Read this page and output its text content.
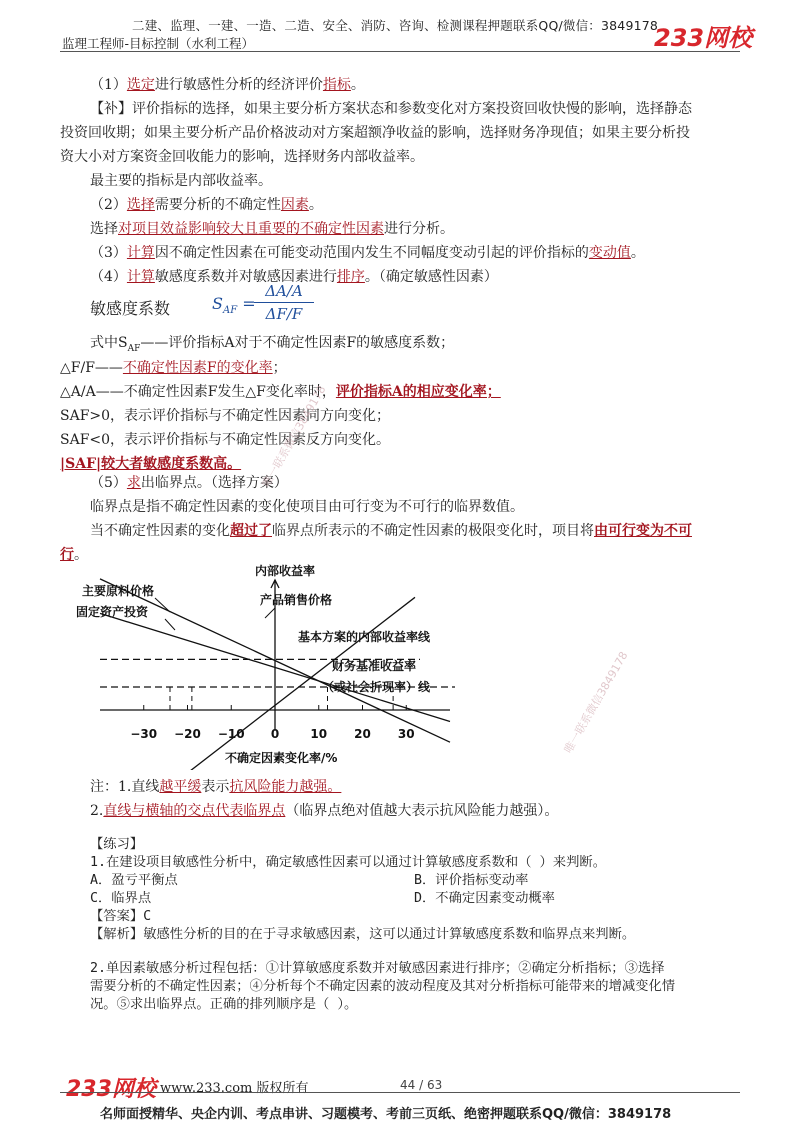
二建、监理、一建、一造、二造、安全、消防、咨询、检测课程押题联系QQ/微信：3849178
监理工程师-目标控制（水利工程）	233网校
（1）选定进行敏感性分析的经济评价指标。
【补】评价指标的选择，如果主要分析方案状态和参数变化对方案投资回收快慢的影响，选择静态
投资回收期；如果主要分析产品价格波动对方案超额净收益的影响，选择财务净现值；如果主要分析投
资大小对方案资金回收能力的影响，选择财务内部收益率。
最主要的指标是内部收益率。
（2）选择需要分析的不确定性因素。
选择对项目效益影响较大且重要的不确定性因素进行分析。
（3）计算因不确定性因素在可能变动范围内发生不同幅度变动引起的评价指标的变动值。
（4）计算敏感度系数并对敏感因素进行排序。（确定敏感性因素）
敏感度系数	$S_{AF}$ =
ΔA/A
ΔF/F
式中$S_{AF}——$评价指标A对于不确定性因素F的敏感度系数；
△F/F——不确定性因素F的变化率；
△A/A——不确定性因素F发生△F变化率时，评价指标A的相应变化率；
SAF>0，表示评价指标与不确定性因素同方向变化；
SAF<0，表示评价指标与不确定性因素反方向变化。
|SAF|较大者敏感度系数高。
（5）求出临界点。（选择方案）
临界点是指不确定性因素的变化使项目由可行变为不可行的临界数值。
当不确定性因素的变化超过了临界点所表示的不确定性因素的极限变化时，项目将由可行变为不可
行。
−30 −20 −10 0	10 20 30
内部收益率
不确定因素变化率/%
主要原料价格
固定资产投资
产品销售价格
基本方案的内部收益率线
财务基准收益率
（或社会折现率）线
注：1.直线越平缓表示抗风险能力越强。
2.直线与横轴的交点代表临界点（临界点绝对值越大表示抗风险能力越强）。
【练习】
1.在建设项目敏感性分析中，确定敏感性因素可以通过计算敏感度系数和（ ）来判断。
A．盈亏平衡点	B．评价指标变动率
C．临界点	D．不确定因素变动概率
【答案】C
【解析】敏感性分析的目的在于寻求敏感因素，这可以通过计算敏感度系数和临界点来判断。
2.单因素敏感分析过程包括：①计算敏感度系数并对敏感因素进行排序；②确定分析指标；③选择
需要分析的不确定性因素；④分析每个不确定因素的波动程度及其对分析指标可能带来的增减变化情
况。⑤求出临界点。正确的排列顺序是（ ）。
唯一联系微信3849178
唯一联系微信3849178
233网校 www.233.com 版权所有	44 / 63
名师面授精华、央企内训、考点串讲、习题模考、考前三页纸、绝密押题联系QQ/微信：3849178
